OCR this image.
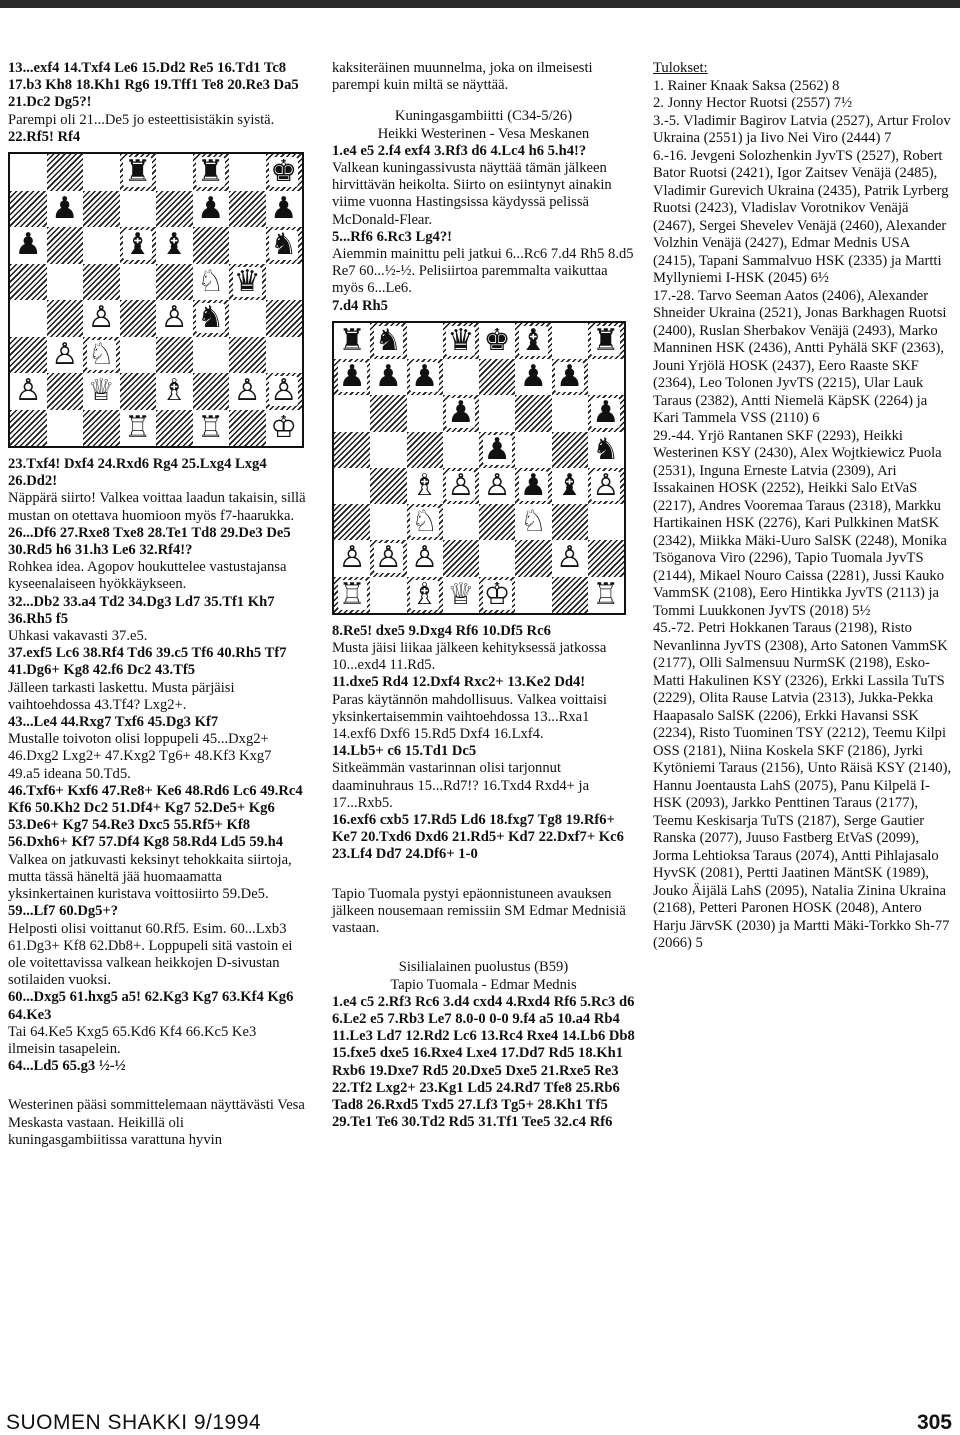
13...exf4 14.Txf4 Le6 15.Dd2 Re5 16.Td1 Tc8 17.b3 Kh8 18.Kh1 Rg6 19.Tff1 Te8 20.Re3 Da5 21.Dc2 Dg5?!

Parempi oli 21...De5 jo esteettisistäkin syistä.

22.Rf5! Rf4

♜ ♜ ♚
♟	♟ ♟
♟	♝ ♝	♞
♘ ♛
♙ ♙ ♞
♙ ♘
♙ ♕ ♗ ♙ ♙
♖ ♖ ♔

23.Txf4! Dxf4 24.Rxd6 Rg4 25.Lxg4 Lxg4 26.Dd2!

Näppärä siirto! Valkea voittaa laadun takaisin, sillä mustan on otettava huomioon myös f7-haarukka.

26...Df6 27.Rxe8 Txe8 28.Te1 Td8 29.De3 De5 30.Rd5 h6 31.h3 Le6 32.Rf4!?

Rohkea idea. Agopov houkuttelee vastustajansa kyseenalaiseen hyökkäykseen.

32...Db2 33.a4 Td2 34.Dg3 Ld7 35.Tf1 Kh7 36.Rh5 f5

Uhkasi vakavasti 37.e5.

37.exf5 Lc6 38.Rf4 Td6 39.c5 Tf6 40.Rh5 Tf7 41.Dg6+ Kg8 42.f6 Dc2 43.Tf5

Jälleen tarkasti laskettu. Musta pärjäisi vaihtoehdossa 43.Tf4? Lxg2+.

43...Le4 44.Rxg7 Txf6 45.Dg3 Kf7

Mustalle toivoton olisi loppupeli 45...Dxg2+ 46.Dxg2 Lxg2+ 47.Kxg2 Tg6+ 48.Kf3 Kxg7 49.a5 ideana 50.Td5.

46.Txf6+ Kxf6 47.Re8+ Ke6 48.Rd6 Lc6 49.Rc4 Kf6 50.Kh2 Dc2 51.Df4+ Kg7 52.De5+ Kg6 53.De6+ Kg7 54.Re3 Dxc5 55.Rf5+ Kf8 56.Dxh6+ Kf7 57.Df4 Kg8 58.Rd4 Ld5 59.h4

Valkea on jatkuvasti keksinyt tehokkaita siirtoja, mutta tässä häneltä jää huomaamatta yksinkertainen kuristava voittosiirto 59.De5.

59...Lf7 60.Dg5+?

Helposti olisi voittanut 60.Rf5. Esim. 60...Lxb3 61.Dg3+ Kf8 62.Db8+. Loppupeli sitä vastoin ei ole voitettavissa valkean heikkojen D-sivustan sotilaiden vuoksi.

60...Dxg5 61.hxg5 a5! 62.Kg3 Kg7 63.Kf4 Kg6 64.Ke3

Tai 64.Ke5 Kxg5 65.Kd6 Kf4 66.Kc5 Ke3 ilmeisin tasapelein.

64...Ld5 65.g3 ½-½

Westerinen pääsi sommittelemaan näyttävästi Vesa Meskasta vastaan. Heikillä oli kuningasgambiitissa varattuna hyvin

kaksiteräinen muunnelma, joka on ilmeisesti parempi kuin miltä se näyttää.

Kuningasgambiitti (C34-5/26)

Heikki Westerinen - Vesa Meskanen

1.e4 e5 2.f4 exf4 3.Rf3 d6 4.Lc4 h6 5.h4!?

Valkean kuningassivusta näyttää tämän jälkeen hirvittävän heikolta. Siirto on esiintynyt ainakin viime vuonna Hastingsissa käydyssä pelissä McDonald-Flear.

5...Rf6 6.Rc3 Lg4?!

Aiemmin mainittu peli jatkui 6...Rc6 7.d4 Rh5 8.d5 Re7 60...½-½. Pelisiirtoa paremmalta vaikuttaa myös 6...Le6.

7.d4 Rh5

♜ ♞ ♛ ♚ ♝ ♜
♟ ♟ ♟	♟ ♟
♟	♟
♟	♞
♗ ♙ ♙ ♟ ♝ ♙
♘	♘
♙ ♙ ♙	♙
♖ ♗ ♕ ♔	♖

8.Re5! dxe5 9.Dxg4 Rf6 10.Df5 Rc6

Musta jäisi liikaa jälkeen kehityksessä jatkossa 10...exd4 11.Rd5.

11.dxe5 Rd4 12.Dxf4 Rxc2+ 13.Ke2 Dd4!

Paras käytännön mahdollisuus. Valkea voittaisi yksinkertaisemmin vaihtoehdossa 13...Rxa1 14.exf6 Dxf6 15.Rd5 Dxf4 16.Lxf4.

14.Lb5+ c6 15.Td1 Dc5

Sitkeämmän vastarinnan olisi tarjonnut daaminuhraus 15...Rd7!? 16.Txd4 Rxd4+ ja 17...Rxb5.

16.exf6 cxb5 17.Rd5 Ld6 18.fxg7 Tg8 19.Rf6+ Ke7 20.Txd6 Dxd6 21.Rd5+ Kd7 22.Dxf7+ Kc6 23.Lf4 Dd7 24.Df6+ 1-0

Tapio Tuomala pystyi epäonnistuneen avauksen jälkeen nousemaan remissiin SM Edmar Mednisiä vastaan.

Sisilialainen puolustus (B59)

Tapio Tuomala - Edmar Mednis

1.e4 c5 2.Rf3 Rc6 3.d4 cxd4 4.Rxd4 Rf6 5.Rc3 d6 6.Le2 e5 7.Rb3 Le7 8.0-0 0-0 9.f4 a5 10.a4 Rb4 11.Le3 Ld7 12.Rd2 Lc6 13.Rc4 Rxe4 14.Lb6 Db8 15.fxe5 dxe5 16.Rxe4 Lxe4 17.Dd7 Rd5 18.Kh1 Rxb6 19.Dxe7 Rd5 20.Dxe5 Dxe5 21.Rxe5 Re3 22.Tf2 Lxg2+ 23.Kg1 Ld5 24.Rd7 Tfe8 25.Rb6 Tad8 26.Rxd5 Txd5 27.Lf3 Tg5+ 28.Kh1 Tf5 29.Te1 Te6 30.Td2 Rd5 31.Tf1 Tee5 32.c4 Rf6

Tulokset:

1. Rainer Knaak Saksa (2562) 8

2. Jonny Hector Ruotsi (2557) 7½

3.-5. Vladimir Bagirov Latvia (2527), Artur Frolov Ukraina (2551) ja Iivo Nei Viro (2444) 7

6.-16. Jevgeni Solozhenkin JyvTS (2527), Robert Bator Ruotsi (2421), Igor Zaitsev Venäjä (2485), Vladimir Gurevich Ukraina (2435), Patrik Lyrberg Ruotsi (2423), Vladislav Vorotnikov Venäjä (2467), Sergei Shevelev Venäjä (2460), Alexander Volzhin Venäjä (2427), Edmar Mednis USA (2415), Tapani Sammalvuo HSK (2335) ja Martti Myllyniemi I-HSK (2045) 6½

17.-28. Tarvo Seeman Aatos (2406), Alexander Shneider Ukraina (2521), Jonas Barkhagen Ruotsi (2400), Ruslan Sherbakov Venäjä (2493), Marko Manninen HSK (2436), Antti Pyhälä SKF (2363), Jouni Yrjölä HOSK (2437), Eero Raaste SKF (2364), Leo Tolonen JyvTS (2215), Ular Lauk Taraus (2382), Antti Niemelä KäpSK (2264) ja Kari Tammela VSS (2110) 6

29.-44. Yrjö Rantanen SKF (2293), Heikki Westerinen KSY (2430), Alex Wojtkiewicz Puola (2531), Inguna Erneste Latvia (2309), Ari Issakainen HOSK (2252), Heikki Salo EtVaS (2217), Andres Vooremaa Taraus (2318), Markku Hartikainen HSK (2276), Kari Pulkkinen MatSK (2342), Miikka Mäki-Uuro SalSK (2248), Monika Tsöganova Viro (2296), Tapio Tuomala JyvTS (2144), Mikael Nouro Caissa (2281), Jussi Kauko VammSK (2108), Eero Hintikka JyvTS (2113) ja Tommi Luukkonen JyvTS (2018) 5½

45.-72. Petri Hokkanen Taraus (2198), Risto Nevanlinna JyvTS (2308), Arto Satonen VammSK (2177), Olli Salmensuu NurmSK (2198), Esko-Matti Hakulinen KSY (2326), Erkki Lassila TuTS (2229), Olita Rause Latvia (2313), Jukka-Pekka Haapasalo SalSK (2206), Erkki Havansi SSK (2234), Risto Tuominen TSY (2212), Teemu Kilpi OSS (2181), Niina Koskela SKF (2186), Jyrki Kytöniemi Taraus (2156), Unto Räisä KSY (2140), Hannu Joentausta LahS (2075), Panu Kilpelä I-HSK (2093), Jarkko Penttinen Taraus (2177), Teemu Keskisarja TuTS (2187), Serge Gautier Ranska (2077), Juuso Fastberg EtVaS (2099), Jorma Lehtioksa Taraus (2074), Antti Pihlajasalo HyvSK (2081), Pertti Jaatinen MäntSK (1989), Jouko Äijälä LahS (2095), Natalia Zinina Ukraina (2168), Petteri Paronen HOSK (2048), Antero Harju JärvSK (2030) ja Martti Mäki-Torkko Sh-77 (2066) 5

SUOMEN SHAKKI 9/1994	305
